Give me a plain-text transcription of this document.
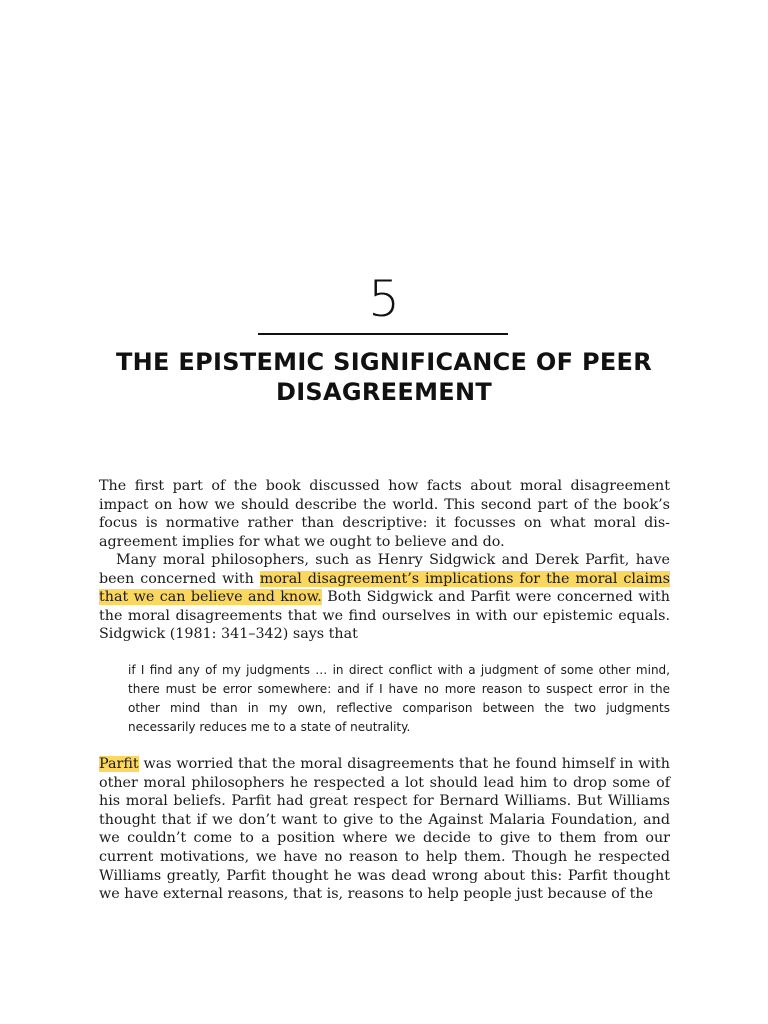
5
THE EPISTEMIC SIGNIFICANCE OF PEER DISAGREEMENT

The first part of the book discussed how facts about moral disagreement impact on how we should describe the world. This second part of the book’s focus is normative rather than descriptive: it focusses on what moral dis-agreement implies for what we ought to believe and do.

Many moral philosophers, such as Henry Sidgwick and Derek Parfit, have been concerned with moral disagreement’s implications for the moral claims that we can believe and know. Both Sidgwick and Parfit were concerned with the moral disagreements that we find ourselves in with our epistemic equals. Sidgwick (1981: 341–342) says that

if I find any of my judgments … in direct conflict with a judgment of some other mind, there must be error somewhere: and if I have no more reason to suspect error in the other mind than in my own, reflective comparison between the two judgments necessarily reduces me to a state of neutrality.

Parfit was worried that the moral disagreements that he found himself in with other moral philosophers he respected a lot should lead him to drop some of his moral beliefs. Parfit had great respect for Bernard Williams. But Williams thought that if we don’t want to give to the Against Malaria Foundation, and we couldn’t come to a position where we decide to give to them from our current motivations, we have no reason to help them. Though he respected Williams greatly, Parfit thought he was dead wrong about this: Parfit thought we have external reasons, that is, reasons to help people just because of the
